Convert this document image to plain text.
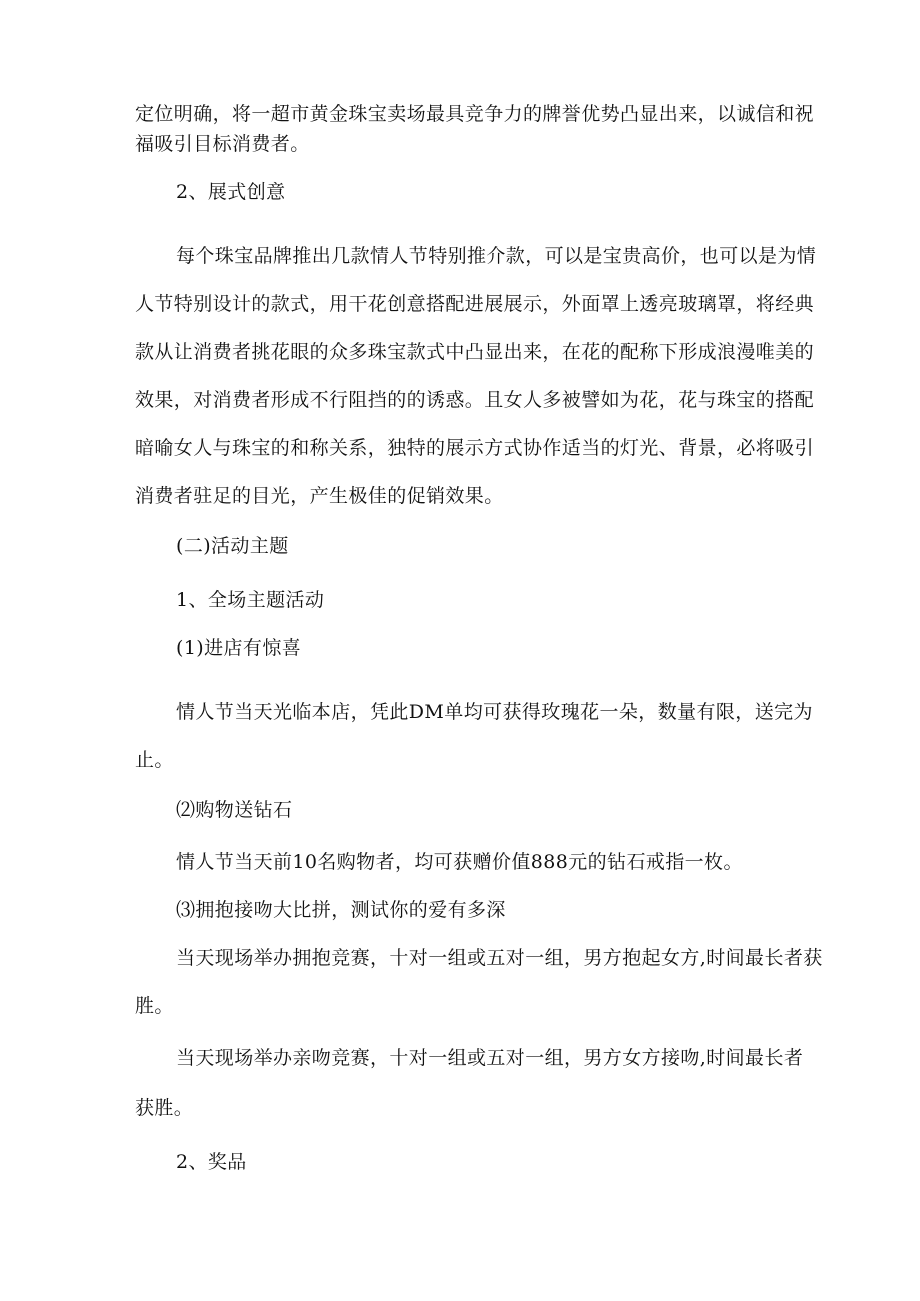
定位明确，将一超市黄金珠宝卖场最具竞争力的牌誉优势凸显出来，以诚信和祝
福吸引目标消费者。
2、展式创意
每个珠宝品牌推出几款情人节特别推介款，可以是宝贵高价，也可以是为情
人节特别设计的款式，用干花创意搭配进展展示，外面罩上透亮玻璃罩，将经典
款从让消费者挑花眼的众多珠宝款式中凸显出来，在花的配称下形成浪漫唯美的
效果，对消费者形成不行阻挡的的诱惑。且女人多被譬如为花，花与珠宝的搭配
暗喻女人与珠宝的和称关系，独特的展示方式协作适当的灯光、背景，必将吸引
消费者驻足的目光，产生极佳的促销效果。
(二)活动主题
1、全场主题活动
(1)进店有惊喜
情人节当天光临本店，凭此DM单均可获得玫瑰花一朵，数量有限，送完为
止。
⑵购物送钻石
情人节当天前10名购物者，均可获赠价值888元的钻石戒指一枚。
⑶拥抱接吻大比拼，测试你的爱有多深
当天现场举办拥抱竞赛，十对一组或五对一组，男方抱起女方,时间最长者获
胜。
当天现场举办亲吻竞赛，十对一组或五对一组，男方女方接吻,时间最长者
获胜。
2、奖品
